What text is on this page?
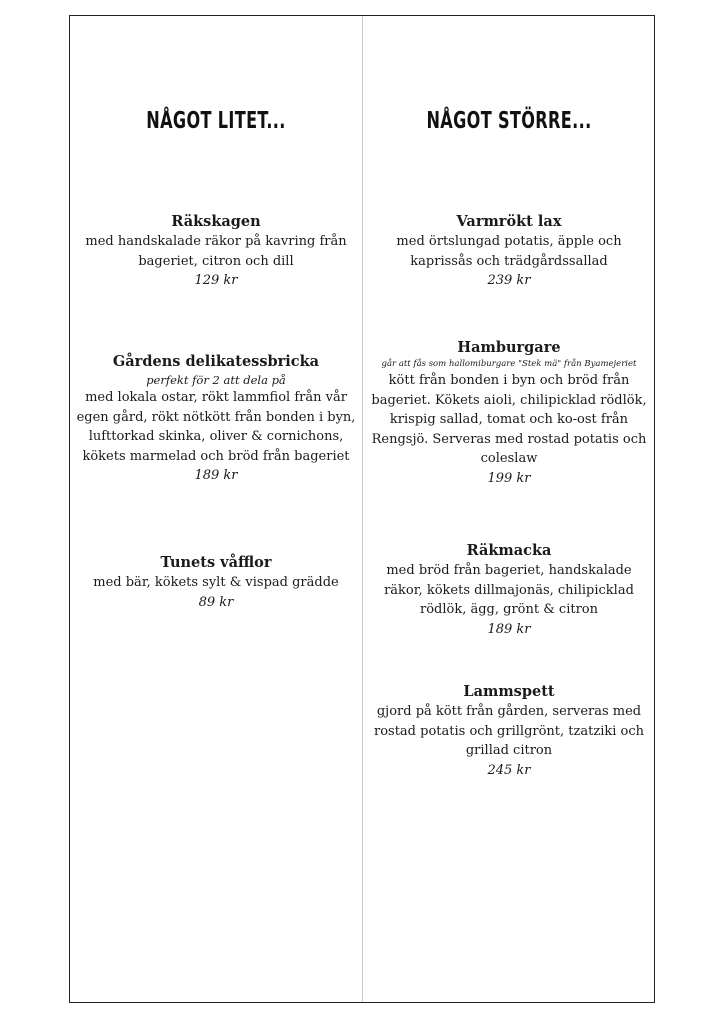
NÅGOT LITET...
Räkskagen
med handskalade räkor på kavring från bageriet, citron och dill
129 kr
Gårdens delikatessbricka
perfekt för 2 att dela på
med lokala ostar, rökt lammfiol från vår egen gård, rökt nötkött från bonden i byn, lufttorkad skinka, oliver & cornichons, kökets marmelad och bröd från bageriet
189 kr
Tunets våfflor
med bär, kökets sylt & vispad grädde
89 kr
NÅGOT STÖRRE...
Varmrökt lax
med örtslungad potatis, äpple och kaprissås och trädgårdssallad
239 kr
Hamburgare
går att fås som hallomiburgare "Stek mä" från Byamejeriet
kött från bonden i byn och bröd från bageriet. Kökets aioli, chilipicklad rödlök, krispig sallad, tomat och ko-ost från Rengsjö. Serveras med rostad potatis och coleslaw
199 kr
Räkmacka
med bröd från bageriet, handskalade räkor, kökets dillmajonäs, chilipicklad rödlök, ägg, grönt & citron
189 kr
Lammspett
gjord på kött från gården, serveras med rostad potatis och grillgrönt, tzatziki och grillad citron
245 kr
